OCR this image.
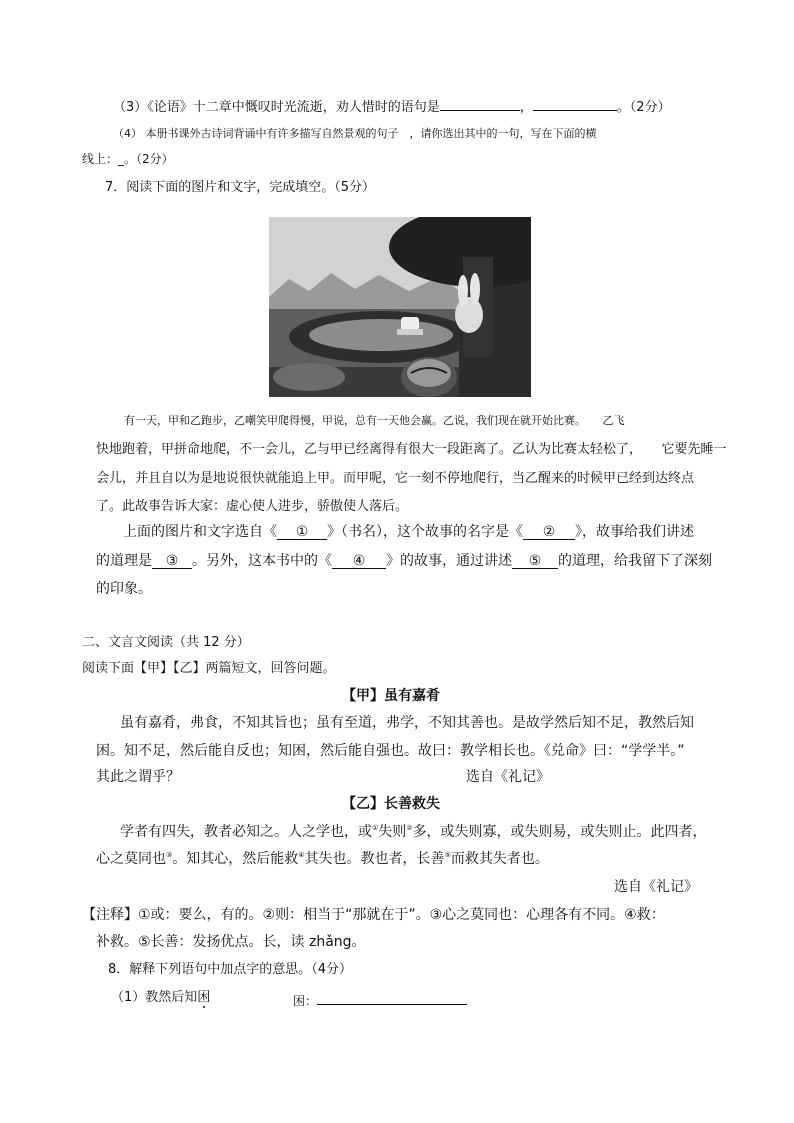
（3）《论语》十二章中慨叹时光流逝，劝人惜时的语句是	，	。（2分）
（4） 本册书课外古诗词背诵中有许多描写自然景观的句子　，请你选出其中的一句，写在下面的横
线上：_。（2分）
7．阅读下面的图片和文字，完成填空。（5分）
有一天，甲和乙跑步，乙嘲笑甲爬得慢，甲说，总有一天他会赢。乙说，我们现在就开始比赛。　　乙飞
快地跑着，甲拼命地爬，不一会儿，乙与甲已经离得有很大一段距离了。乙认为比赛太轻松了，　　它要先睡一
会儿，并且自以为是地说很快就能追上甲。而甲呢，它一刻不停地爬行，当乙醒来的时候甲已经到达终点
了。此故事告诉大家：虚心使人进步，骄傲使人落后。
上面的图片和文字选自《 ① 》（书名），这个故事的名字是《 ② 》，故事给我们讲述
的道理是 ③ 。另外，这本书中的《 ④ 》的故事，通过讲述 ⑤ 的道理，给我留下了深刻
的印象。
二、文言文阅读（共 12 分）
阅读下面【甲】【乙】两篇短文，回答问题。
【甲】虽有嘉肴
虽有嘉肴，弗食，不知其旨也；虽有至道，弗学，不知其善也。是故学然后知不足，教然后知
困。知不足，然后能自反也；知困，然后能自强也。故曰：教学相长也。《兑命》曰：“学学半。”
其此之谓乎？	选自《礼记》
【乙】长善救失
学者有四失，教者必知之。人之学也，或①失则②多，或失则寡，或失则易，或失则止。此四者，
心之莫同也③。知其心，然后能救④其失也。教也者，长善⑤而救其失者也。
选自《礼记》
【注释】①或：要么，有的。②则：相当于“那就在于”。③心之莫同也：心理各有不同。④救：
补救。⑤长善：发扬优点。长，读 zhǎng。
8．解释下列语句中加点字的意思。（4分）
（1）教然后知困	困：
